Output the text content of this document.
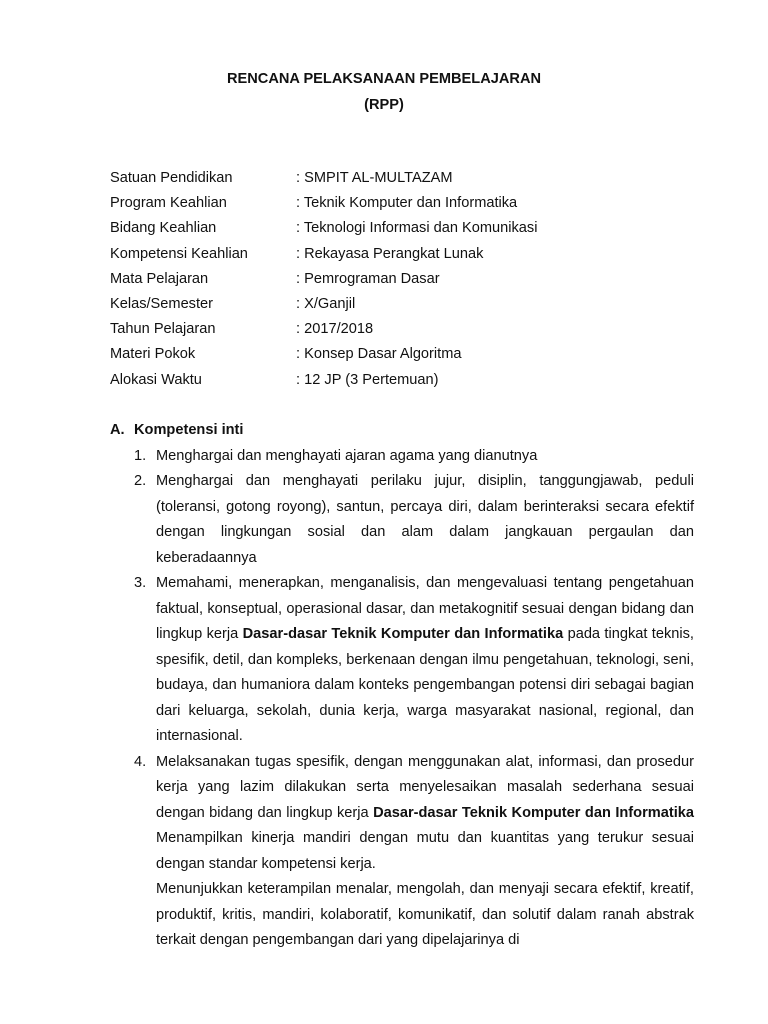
RENCANA PELAKSANAAN PEMBELAJARAN
(RPP)
Satuan Pendidikan	: SMPIT AL-MULTAZAM
Program Keahlian	: Teknik Komputer dan Informatika
Bidang Keahlian	: Teknologi Informasi dan Komunikasi
Kompetensi Keahlian	: Rekayasa Perangkat Lunak
Mata Pelajaran	: Pemrograman Dasar
Kelas/Semester	: X/Ganjil
Tahun Pelajaran	: 2017/2018
Materi Pokok	: Konsep Dasar Algoritma
Alokasi Waktu	: 12 JP (3 Pertemuan)
A. Kompetensi inti
1. Menghargai dan menghayati ajaran agama yang dianutnya
2. Menghargai dan menghayati perilaku jujur, disiplin, tanggungjawab, peduli (toleransi, gotong royong), santun, percaya diri, dalam berinteraksi secara efektif dengan lingkungan sosial dan alam dalam jangkauan pergaulan dan keberadaannya
3. Memahami, menerapkan, menganalisis, dan mengevaluasi tentang pengetahuan faktual, konseptual, operasional dasar, dan metakognitif sesuai dengan bidang dan lingkup kerja Dasar-dasar Teknik Komputer dan Informatika pada tingkat teknis, spesifik, detil, dan kompleks, berkenaan dengan ilmu pengetahuan, teknologi, seni, budaya, dan humaniora dalam konteks pengembangan potensi diri sebagai bagian dari keluarga, sekolah, dunia kerja, warga masyarakat nasional, regional, dan internasional.
4. Melaksanakan tugas spesifik, dengan menggunakan alat, informasi, dan prosedur kerja yang lazim dilakukan serta menyelesaikan masalah sederhana sesuai dengan bidang dan lingkup kerja Dasar-dasar Teknik Komputer dan Informatika Menampilkan kinerja mandiri dengan mutu dan kuantitas yang terukur sesuai dengan standar kompetensi kerja.
Menunjukkan keterampilan menalar, mengolah, dan menyaji secara efektif, kreatif, produktif, kritis, mandiri, kolaboratif, komunikatif, dan solutif dalam ranah abstrak terkait dengan pengembangan dari yang dipelajarinya di
